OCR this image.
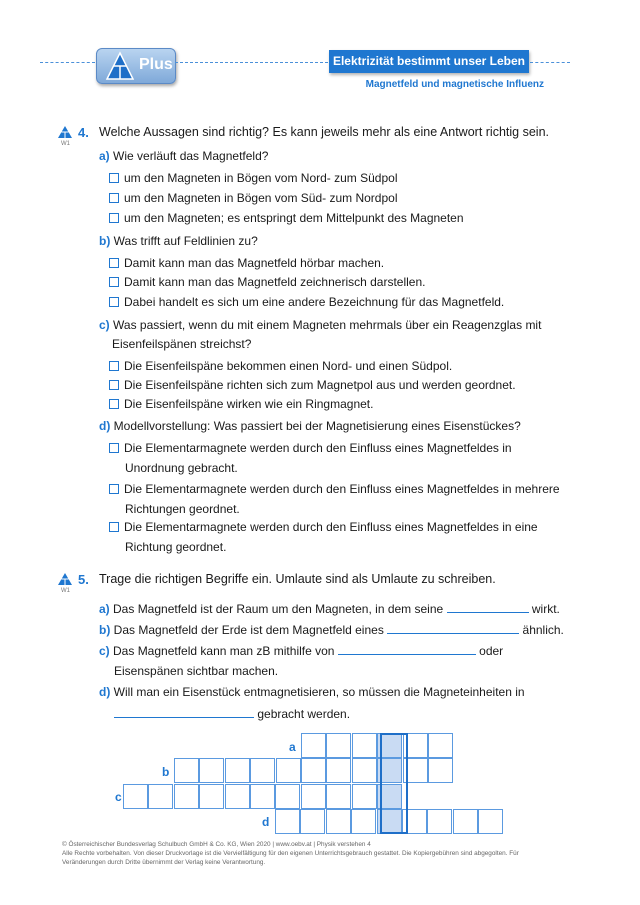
Plus	Elektrizität bestimmt unser Leben
Magnetfeld und magnetische Influenz
W1
4. Welche Aussagen sind richtig? Es kann jeweils mehr als eine Antwort richtig sein.
a) Wie verläuft das Magnetfeld?
um den Magneten in Bögen vom Nord- zum Südpol
um den Magneten in Bögen vom Süd- zum Nordpol
um den Magneten; es entspringt dem Mittelpunkt des Magneten
b) Was trifft auf Feldlinien zu?
Damit kann man das Magnetfeld hörbar machen.
Damit kann man das Magnetfeld zeichnerisch darstellen.
Dabei handelt es sich um eine andere Bezeichnung für das Magnetfeld.
c) Was passiert, wenn du mit einem Magneten mehrmals über ein Reagenzglas mit
Eisenfeilspänen streichst?
Die Eisenfeilspäne bekommen einen Nord- und einen Südpol.
Die Eisenfeilspäne richten sich zum Magnetpol aus und werden geordnet.
Die Eisenfeilspäne wirken wie ein Ringmagnet.
d) Modellvorstellung: Was passiert bei der Magnetisierung eines Eisenstückes?
Die Elementarmagnete werden durch den Einfluss eines Magnetfeldes in
Unordnung gebracht.
Die Elementarmagnete werden durch den Einfluss eines Magnetfeldes in mehrere
Richtungen geordnet.
Die Elementarmagnete werden durch den Einfluss eines Magnetfeldes in eine
Richtung geordnet.
W1
5. Trage die richtigen Begriffe ein. Umlaute sind als Umlaute zu schreiben.
a) Das Magnetfeld ist der Raum um den Magneten, in dem seine	wirkt.
b) Das Magnetfeld der Erde ist dem Magnetfeld eines	ähnlich.
c) Das Magnetfeld kann man zB mithilfe von	oder
Eisenspänen sichtbar machen.
d) Will man ein Eisenstück entmagnetisieren, so müssen die Magneteinheiten in
gebracht werden.
a
b
c
d
© Österreichischer Bundesverlag Schulbuch GmbH & Co. KG, Wien 2020 | www.oebv.at | Physik verstehen 4
Alle Rechte vorbehalten. Von dieser Druckvorlage ist die Vervielfältigung für den eigenen Unterrichtsgebrauch gestattet. Die Kopiergebühren sind abgegolten. Für
Veränderungen durch Dritte übernimmt der Verlag keine Verantwortung.
